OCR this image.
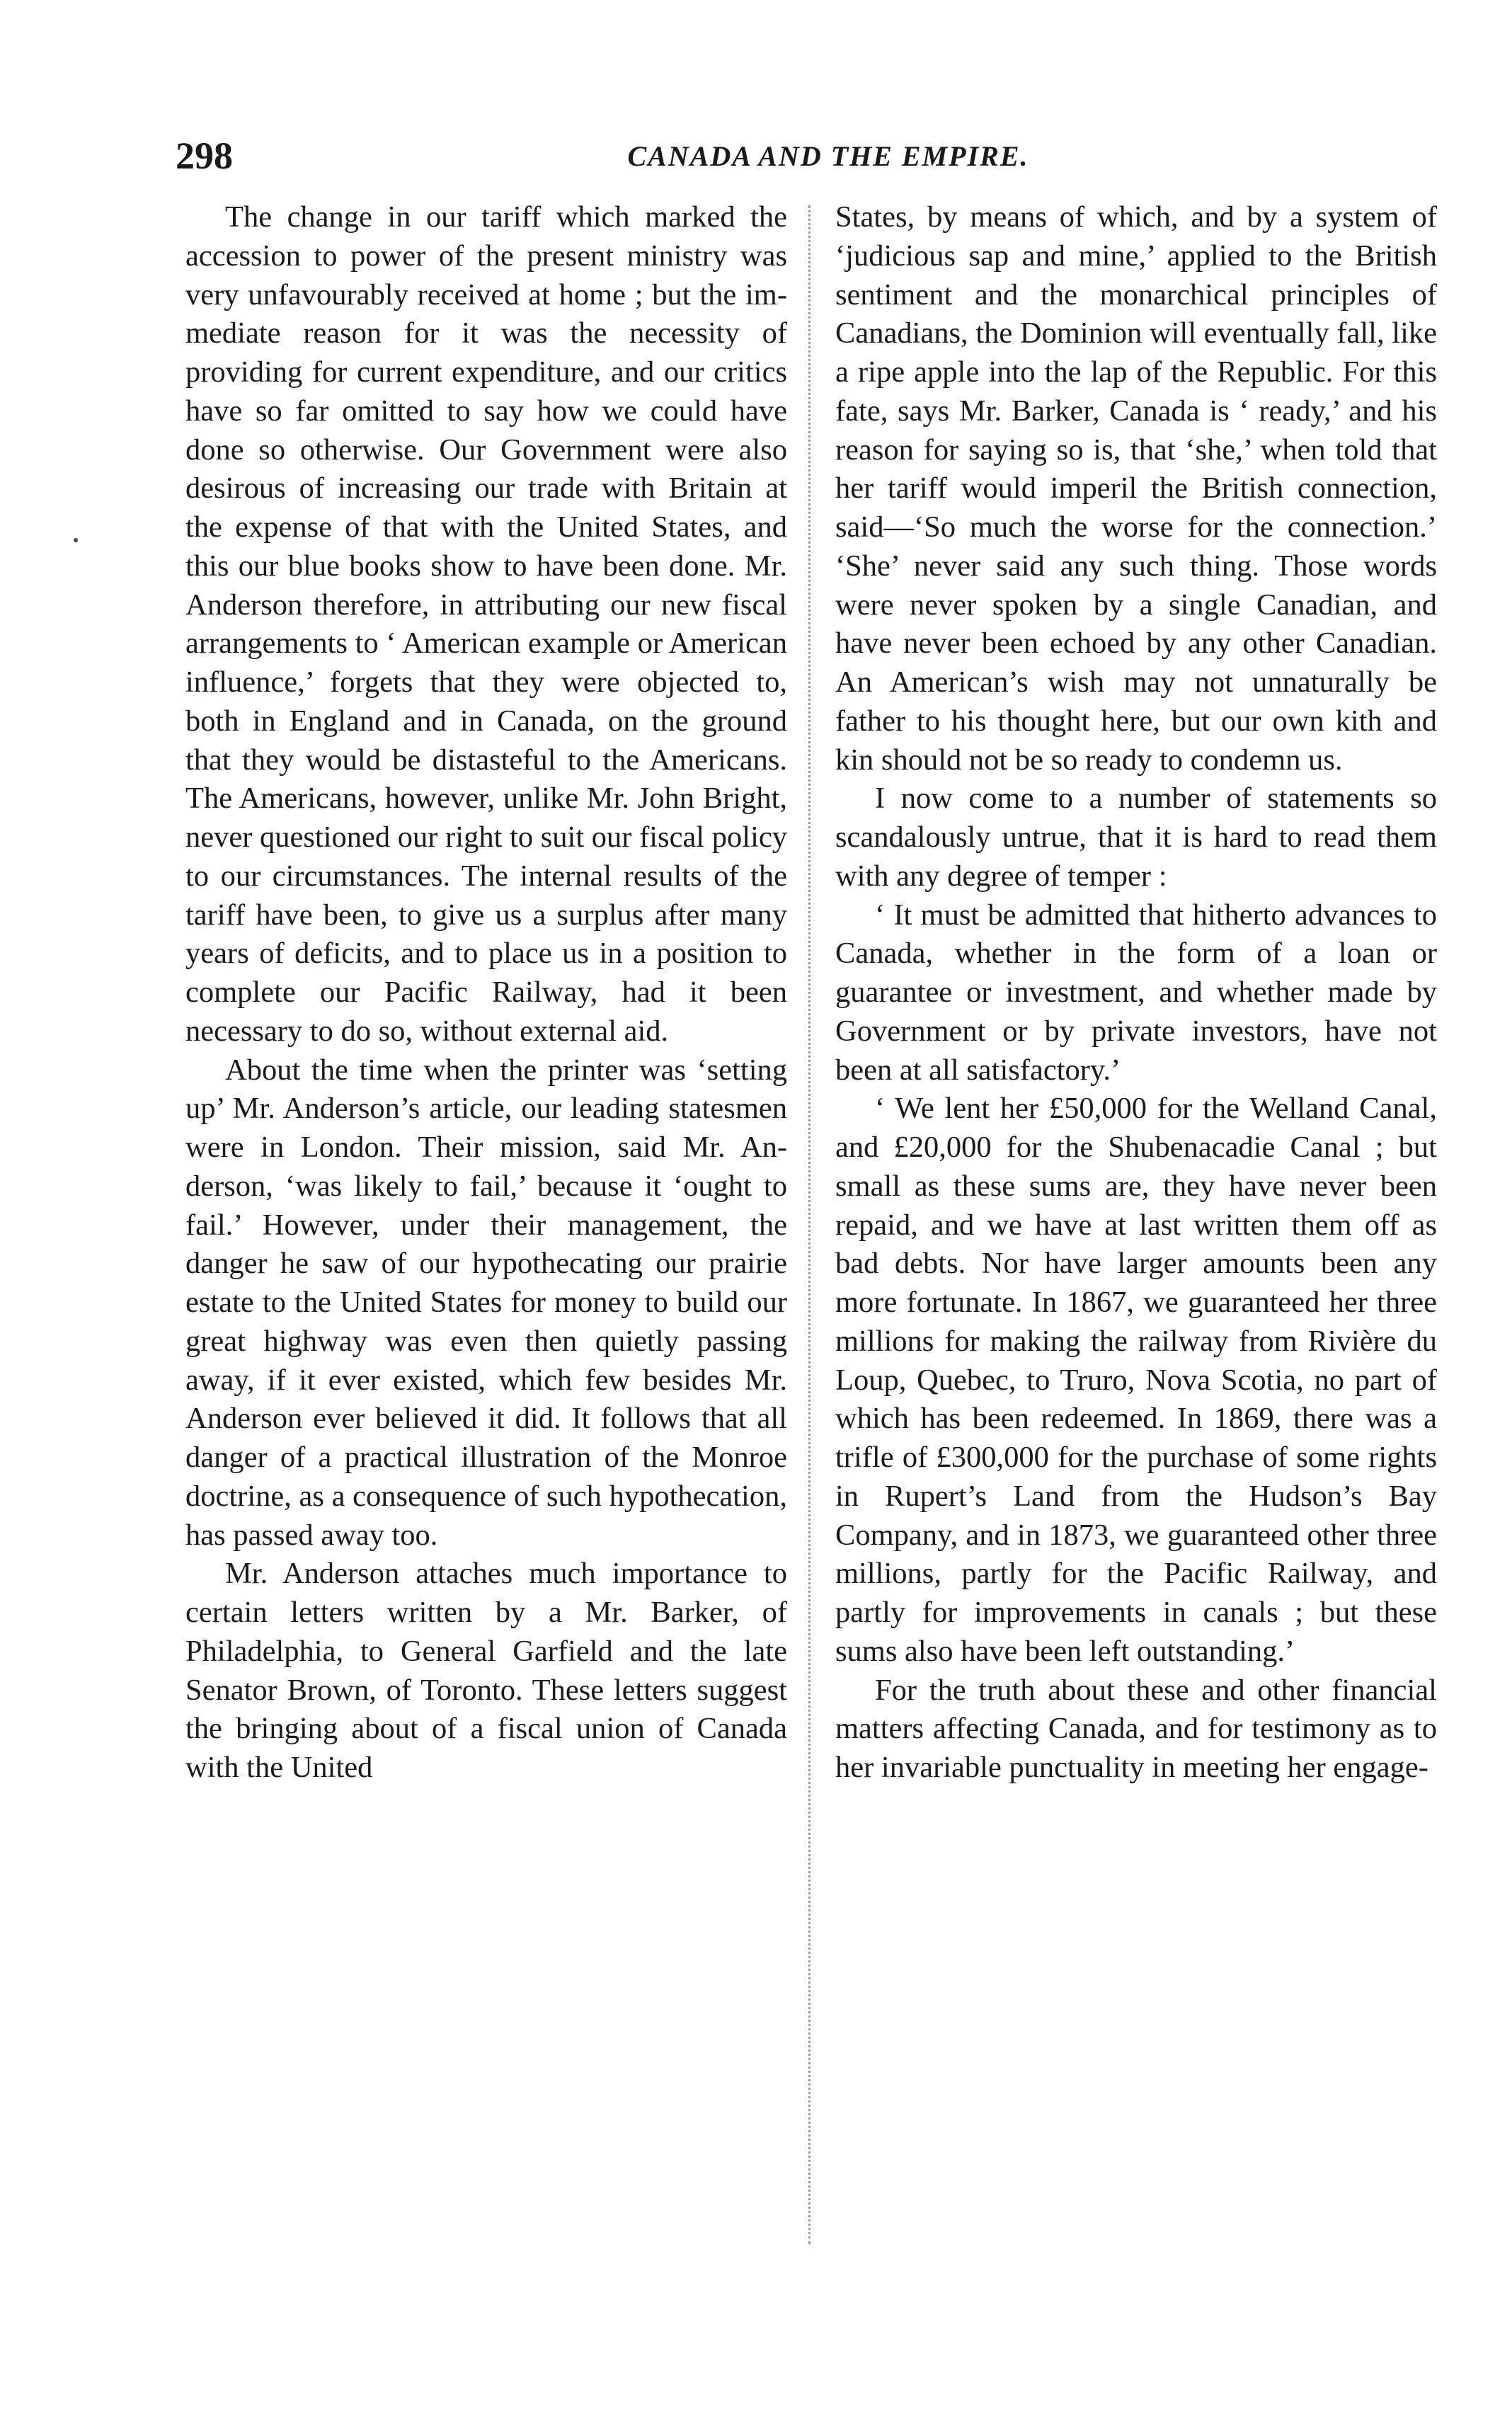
298	CANADA AND THE EMPIRE.

The change in our tariff which marked the accession to power of the present ministry was very unfavourably received at home ; but the immediate reason for it was the necessity of providing for current expenditure, and our critics have so far omitted to say how we could have done so otherwise. Our Government were also desirous of increasing our trade with Britain at the expense of that with the United States, and this our blue books show to have been done. Mr. Anderson therefore, in attributing our new fiscal arrangements to ‘ American example or American influence,’ forgets that they were objected to, both in England and in Canada, on the ground that they would be distasteful to the Americans. The Americans, however, unlike Mr. John Bright, never questioned our right to suit our fiscal policy to our circumstances. The internal results of the tariff have been, to give us a surplus after many years of deficits, and to place us in a position to complete our Pacific Railway, had it been necessary to do so, without external aid.

About the time when the printer was ‘setting up’ Mr. Anderson’s article, our leading statesmen were in London. Their mission, said Mr. Anderson, ‘was likely to fail,’ because it ‘ought to fail.’ However, under their management, the danger he saw of our hypothecating our prairie estate to the United States for money to build our great highway was even then quietly passing away, if it ever existed, which few besides Mr. Anderson ever believed it did. It follows that all danger of a practical illustration of the Monroe doctrine, as a consequence of such hypothecation, has passed away too.

Mr. Anderson attaches much importance to certain letters written by a Mr. Barker, of Philadelphia, to General Garfield and the late Senator Brown, of Toronto. These letters suggest the bringing about of a fiscal union of Canada with the United

States, by means of which, and by a system of ‘judicious sap and mine,’ applied to the British sentiment and the monarchical principles of Canadians, the Dominion will eventually fall, like a ripe apple into the lap of the Republic. For this fate, says Mr. Barker, Canada is ‘ ready,’ and his reason for saying so is, that ‘she,’ when told that her tariff would imperil the British connection, said—‘So much the worse for the connection.’ ‘She’ never said any such thing. Those words were never spoken by a single Canadian, and have never been echoed by any other Canadian. An American’s wish may not unnaturally be father to his thought here, but our own kith and kin should not be so ready to condemn us.

I now come to a number of statements so scandalously untrue, that it is hard to read them with any degree of temper :

‘ It must be admitted that hitherto advances to Canada, whether in the form of a loan or guarantee or investment, and whether made by Government or by private investors, have not been at all satisfactory.’

‘ We lent her £50,000 for the Welland Canal, and £20,000 for the Shubenacadie Canal ; but small as these sums are, they have never been repaid, and we have at last written them off as bad debts. Nor have larger amounts been any more fortunate. In 1867, we guaranteed her three millions for making the railway from Rivière du Loup, Quebec, to Truro, Nova Scotia, no part of which has been redeemed. In 1869, there was a trifle of £300,000 for the purchase of some rights in Rupert’s Land from the Hudson’s Bay Company, and in 1873, we guaranteed other three millions, partly for the Pacific Railway, and partly for improvements in canals ; but these sums also have been left outstanding.’

For the truth about these and other financial matters affecting Canada, and for testimony as to her invariable punctuality in meeting her engage-
